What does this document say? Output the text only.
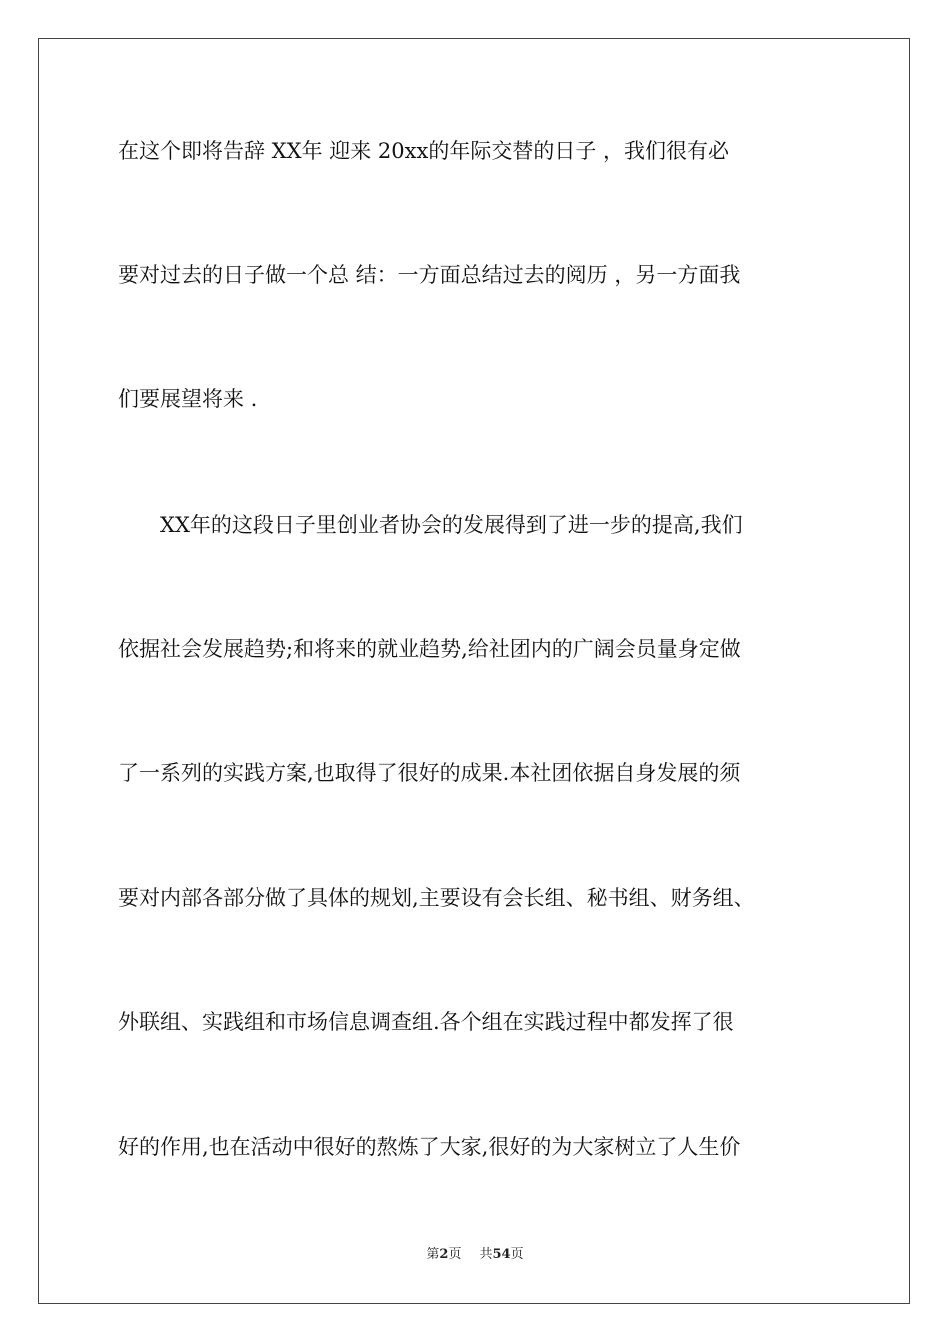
在这个即将告辞 XX年 迎来 20xx的年际交替的日子 ，我们很有必
要对过去的日子做一个总 结：一方面总结过去的阅历 ，另一方面我
们要展望将来 .
　　XX年的这段日子里创业者协会的发展得到了进一步的提高,我们
依据社会发展趋势;和将来的就业趋势,给社团内的广阔会员量身定做
了一系列的实践方案,也取得了很好的成果.本社团依据自身发展的须
要对内部各部分做了具体的规划,主要设有会长组、秘书组、财务组、
外联组、实践组和市场信息调查组.各个组在实践过程中都发挥了很
好的作用,也在活动中很好的熬炼了大家,很好的为大家树立了人生价
第2页 共54页
